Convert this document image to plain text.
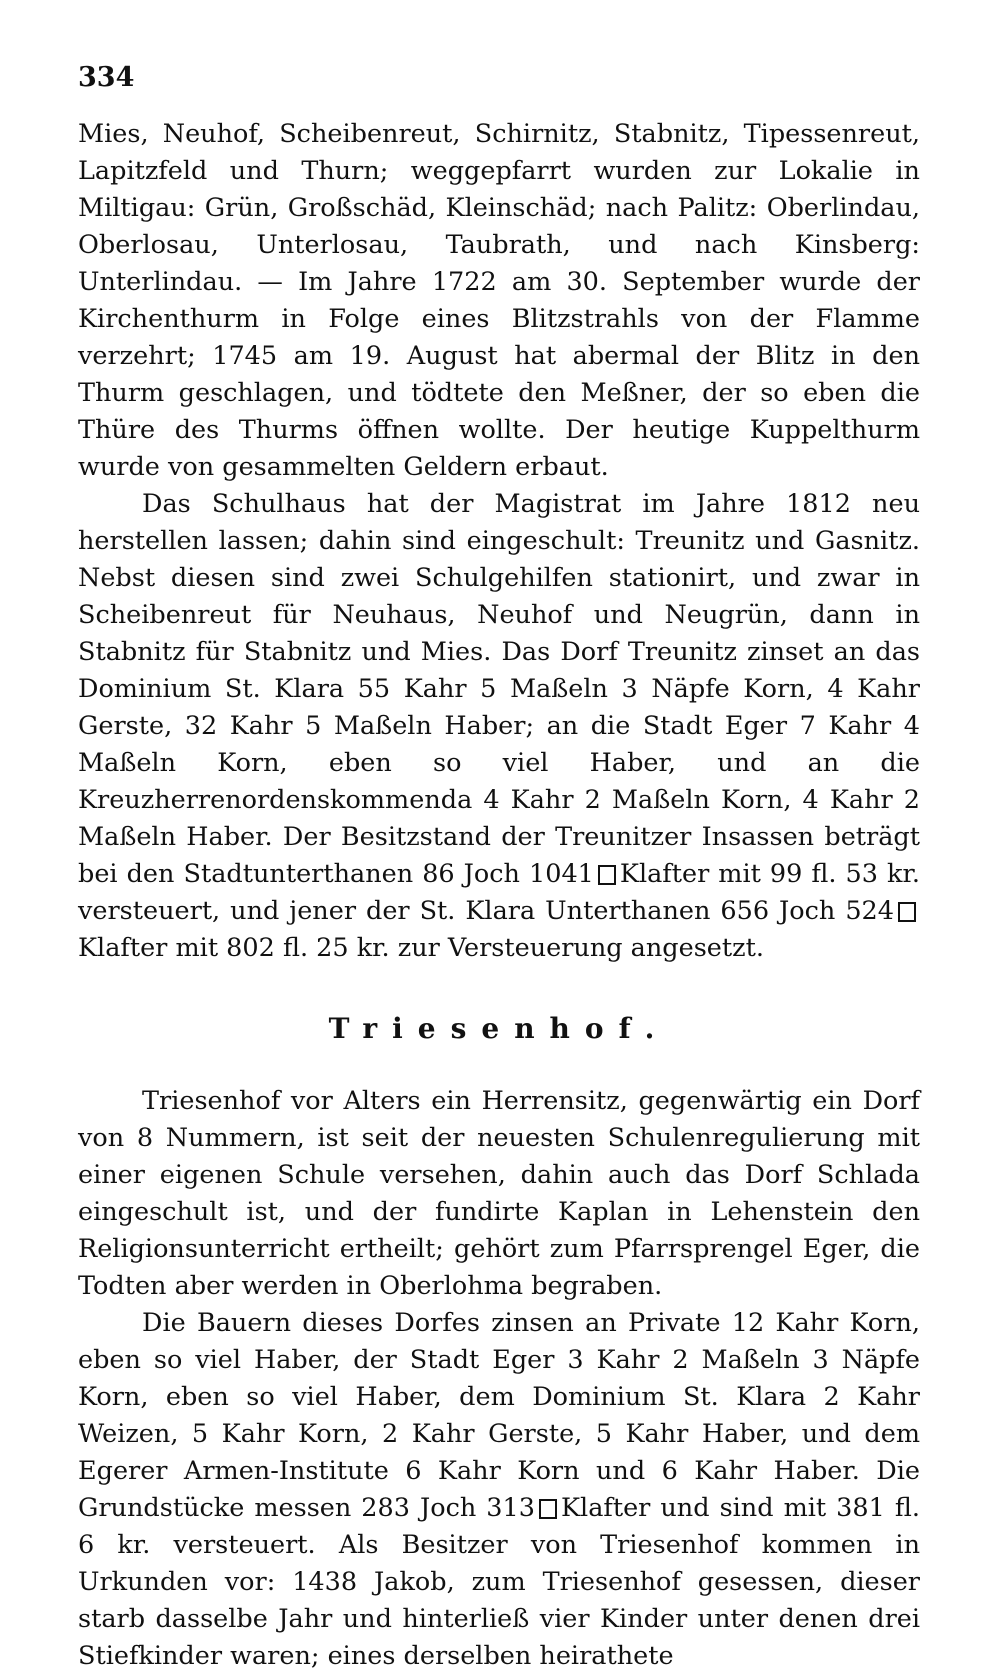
334

Mies, Neuhof, Scheibenreut, Schirnitz, Stabnitz, Tipessenreut, Lapitzfeld und Thurn; weggepfarrt wurden zur Lokalie in Miltigau: Grün, Großschäd, Kleinschäd; nach Palitz: Oberlindau, Oberlosau, Unterlosau, Taubrath, und nach Kinsberg: Unterlindau. — Im Jahre 1722 am 30. September wurde der Kirchenthurm in Folge eines Blitzstrahls von der Flamme verzehrt; 1745 am 19. August hat abermal der Blitz in den Thurm geschlagen, und tödtete den Meßner, der so eben die Thüre des Thurms öffnen wollte. Der heutige Kuppelthurm wurde von gesammelten Geldern erbaut.

Das Schulhaus hat der Magistrat im Jahre 1812 neu herstellen lassen; dahin sind eingeschult: Treunitz und Gasnitz. Nebst diesen sind zwei Schulgehilfen stationirt, und zwar in Scheibenreut für Neuhaus, Neuhof und Neugrün, dann in Stabnitz für Stabnitz und Mies. Das Dorf Treunitz zinset an das Dominium St. Klara 55 Kahr 5 Maßeln 3 Näpfe Korn, 4 Kahr Gerste, 32 Kahr 5 Maßeln Haber; an die Stadt Eger 7 Kahr 4 Maßeln Korn, eben so viel Haber, und an die Kreuzherrenordenskommenda 4 Kahr 2 Maßeln Korn, 4 Kahr 2 Maßeln Haber. Der Besitzstand der Treunitzer Insassen beträgt bei den Stadtunterthanen 86 Joch 1041 Klafter mit 99 fl. 53 kr. versteuert, und jener der St. Klara Unterthanen 656 Joch 524Klafter mit 802 fl. 25 kr. zur Versteuerung angesetzt.

Triesenhof.

Triesenhof vor Alters ein Herrensitz, gegenwärtig ein Dorf von 8 Nummern, ist seit der neuesten Schulenregulierung mit einer eigenen Schule versehen, dahin auch das Dorf Schlada eingeschult ist, und der fundirte Kaplan in Lehenstein den Religionsunterricht ertheilt; gehört zum Pfarrsprengel Eger, die Todten aber werden in Oberlohma begraben.

Die Bauern dieses Dorfes zinsen an Private 12 Kahr Korn, eben so viel Haber, der Stadt Eger 3 Kahr 2 Maßeln 3 Näpfe Korn, eben so viel Haber, dem Dominium St. Klara 2 Kahr Weizen, 5 Kahr Korn, 2 Kahr Gerste, 5 Kahr Haber, und dem Egerer Armen-Institute 6 Kahr Korn und 6 Kahr Haber. Die Grundstücke messen 283 Joch 313 Klafter und sind mit 381 fl. 6 kr. versteuert. Als Besitzer von Triesenhof kommen in Urkunden vor: 1438 Jakob, zum Triesenhof gesessen, dieser starb dasselbe Jahr und hinterließ vier Kinder unter denen drei Stiefkinder waren; eines derselben heirathete
